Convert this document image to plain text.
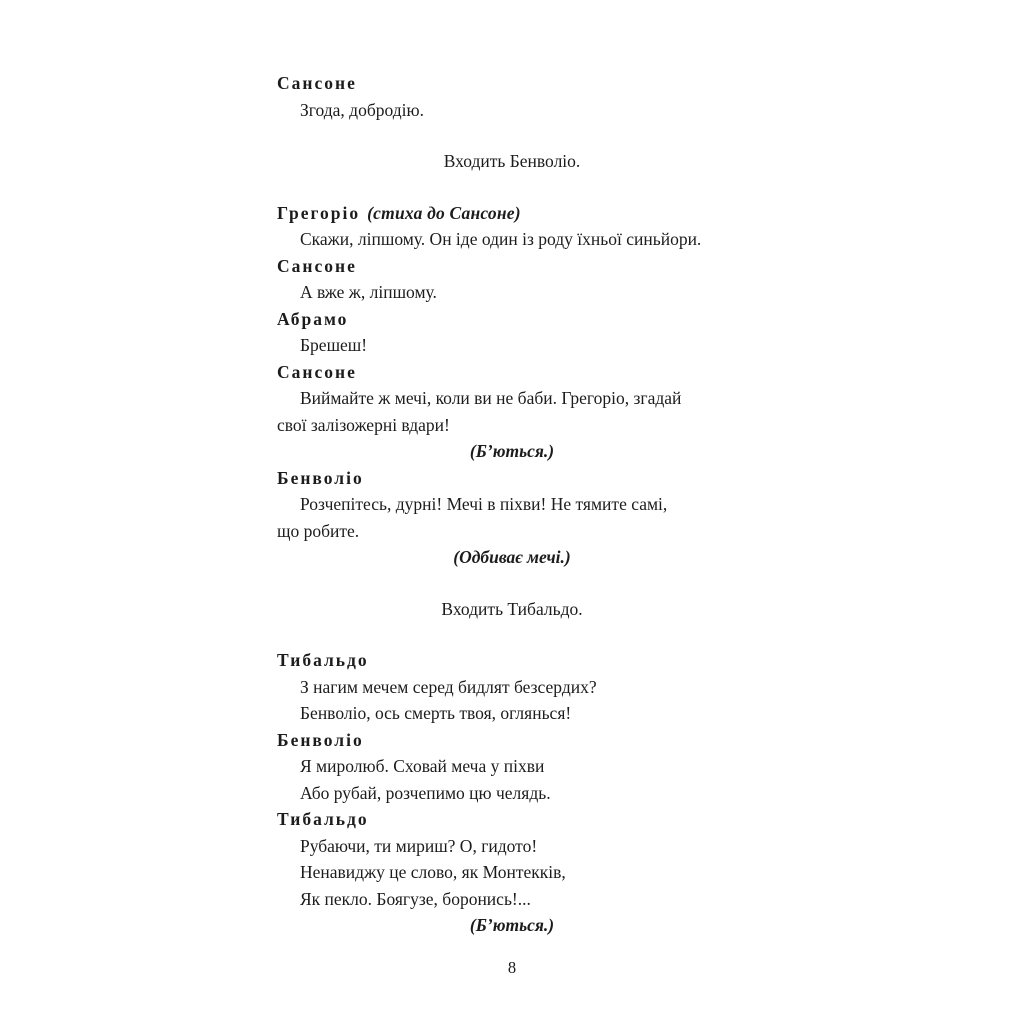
Сансоне
Згода, добродію.
Входить Бенволіо.
Грегоріо (стиха до Сансоне)
Скажи, ліпшому. Он іде один із роду їхньої синьйори.
Сансоне
А вже ж, ліпшому.
Абрамо
Брешеш!
Сансоне
Виймайте ж мечі, коли ви не баби. Грегоріо, згадай
свої залізожерні вдари!
(Б’ються.)
Бенволіо
Розчепітесь, дурні! Мечі в піхви! Не тямите самі,
що робите.
(Одбиває мечі.)
Входить Тибальдо.
Тибальдо
З нагим мечем серед бидлят безсердих?
Бенволіо, ось смерть твоя, оглянься!
Бенволіо
Я миролюб. Сховай меча у піхви
Або рубай, розчепимо цю челядь.
Тибальдо
Рубаючи, ти мириш? О, гидото!
Ненавиджу це слово, як Монтекків,
Як пекло. Боягузе, боронись!...
(Б’ються.)
8
